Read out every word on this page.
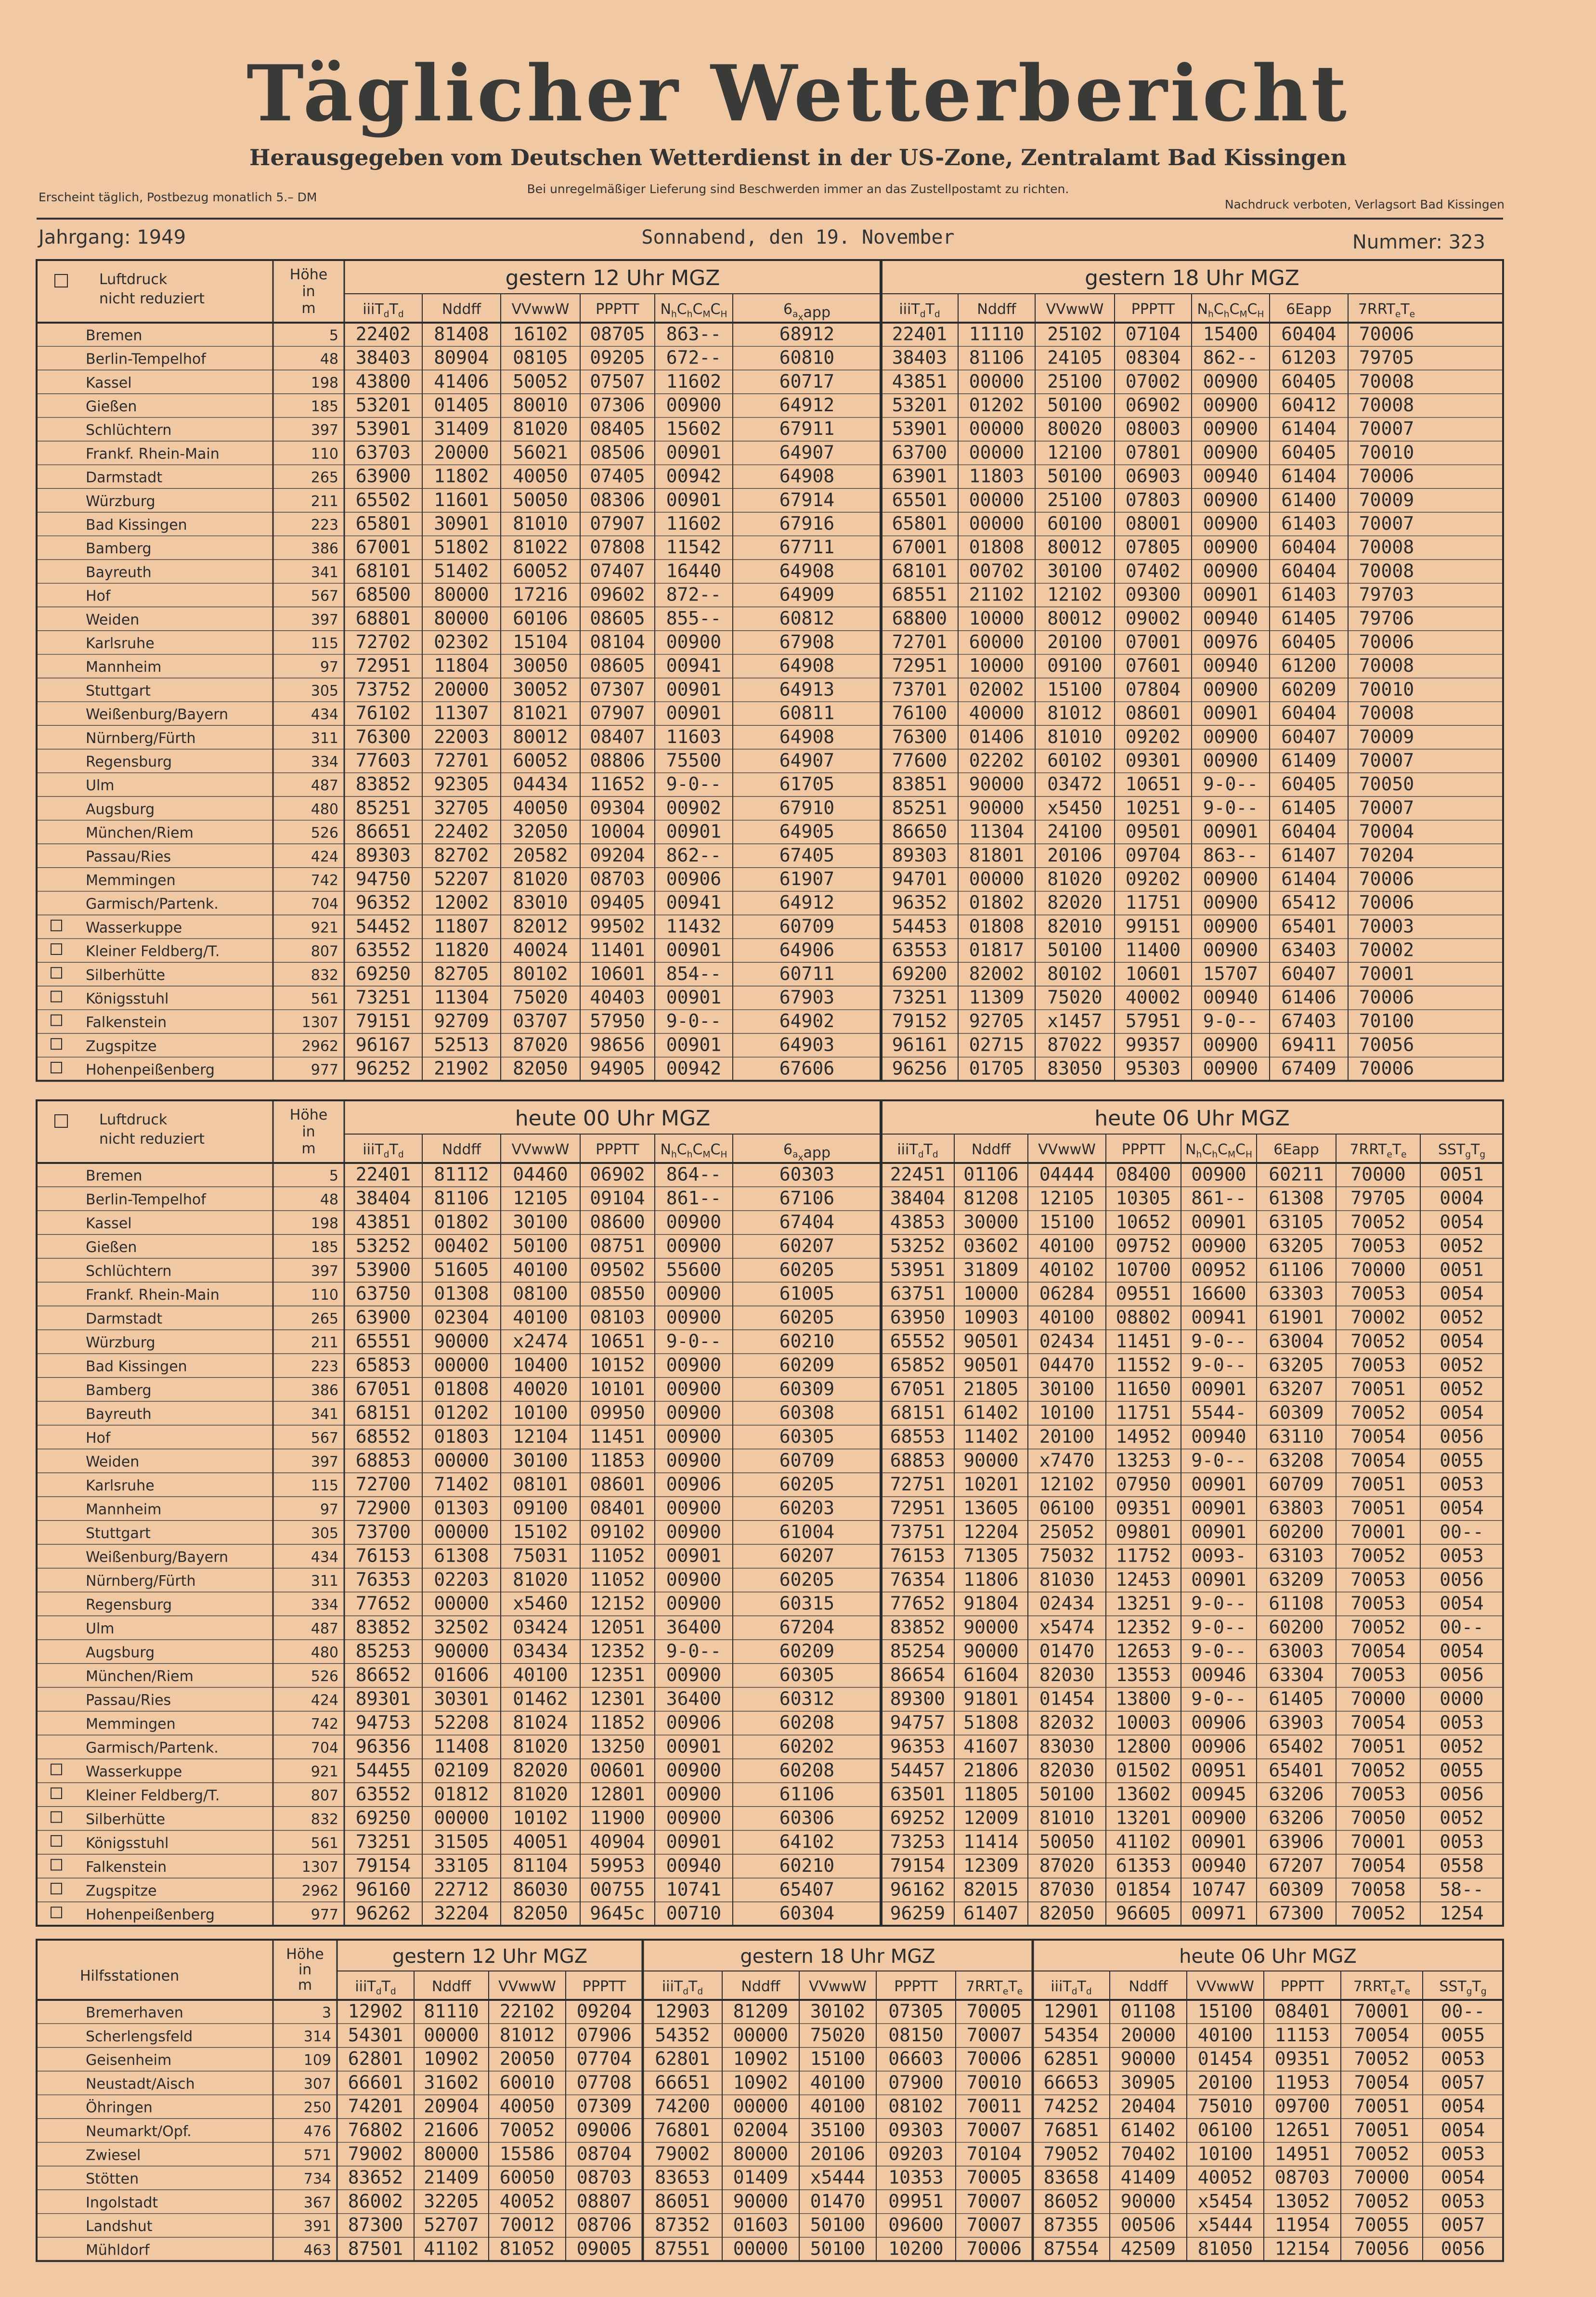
Täglicher Wetterbericht
Herausgegeben vom Deutschen Wetterdienst in der US-Zone, Zentralamt Bad Kissingen
Erscheint täglich, Postbezug monatlich 5.– DM
Bei unregelmäßiger Lieferung sind Beschwerden immer an das Zustellpostamt zu richten.
Nachdruck verboten, Verlagsort Bad Kissingen
Jahrgang: 1949	Sonnabend, den 19. November	Nummer: 323
Luftdruck
nicht reduziert
Höhe
in
m
gestern 12 Uhr MGZ	gestern 18 Uhr MGZ
$iiiT_dT_d$	Nddff VVwwW PPPTT $N_hC_hC_MC_H$	$6_{ax}app$	$iiiT_dT_d$	Nddff VVwwW PPPTT $N_hC_hC_MC_H$ 6Eapp $7RRT_eT_e$
Bremen	5 22402 81408 16102 08705 863--	68912	22401 11110 25102 07104 15400 60404 70006
Berlin-Tempelhof	48 38403 80904 08105 09205 672--	60810	38403 81106 24105 08304 862-- 61203 79705
Kassel	198 43800 41406 50052 07507 11602	60717	43851 00000 25100 07002 00900 60405 70008
Gießen	185 53201 01405 80010 07306 00900	64912	53201 01202 50100 06902 00900 60412 70008
Schlüchtern	397 53901 31409 81020 08405 15602	67911	53901 00000 80020 08003 00900 61404 70007
Frankf. Rhein-Main	110 63703 20000 56021 08506 00901	64907	63700 00000 12100 07801 00900 60405 70010
Darmstadt	265 63900 11802 40050 07405 00942	64908	63901 11803 50100 06903 00940 61404 70006
Würzburg	211 65502 11601 50050 08306 00901	67914	65501 00000 25100 07803 00900 61400 70009
Bad Kissingen	223 65801 30901 81010 07907 11602	67916	65801 00000 60100 08001 00900 61403 70007
Bamberg	386 67001 51802 81022 07808 11542	67711	67001 01808 80012 07805 00900 60404 70008
Bayreuth	341 68101 51402 60052 07407 16440	64908	68101 00702 30100 07402 00900 60404 70008
Hof	567 68500 80000 17216 09602 872--	64909	68551 21102 12102 09300 00901 61403 79703
Weiden	397 68801 80000 60106 08605 855--	60812	68800 10000 80012 09002 00940 61405 79706
Karlsruhe	115 72702 02302 15104 08104 00900	67908	72701 60000 20100 07001 00976 60405 70006
Mannheim	97 72951 11804 30050 08605 00941	64908	72951 10000 09100 07601 00940 61200 70008
Stuttgart	305 73752 20000 30052 07307 00901	64913	73701 02002 15100 07804 00900 60209 70010
Weißenburg/Bayern	434 76102 11307 81021 07907 00901	60811	76100 40000 81012 08601 00901 60404 70008
Nürnberg/Fürth	311 76300 22003 80012 08407 11603	64908	76300 01406 81010 09202 00900 60407 70009
Regensburg	334 77603 72701 60052 08806 75500	64907	77600 02202 60102 09301 00900 61409 70007
Ulm	487 83852 92305 04434 11652 9-0--	61705	83851 90000 03472 10651 9-0-- 60405 70050
Augsburg	480 85251 32705 40050 09304 00902	67910	85251 90000 x5450 10251 9-0-- 61405 70007
München/Riem	526 86651 22402 32050 10004 00901	64905	86650 11304 24100 09501 00901 60404 70004
Passau/Ries	424 89303 82702 20582 09204 862--	67405	89303 81801 20106 09704 863-- 61407 70204
Memmingen	742 94750 52207 81020 08703 00906	61907	94701 00000 81020 09202 00900 61404 70006
Garmisch/Partenk.	704 96352 12002 83010 09405 00941	64912	96352 01802 82020 11751 00900 65412 70006
Wasserkuppe	921 54452 11807 82012 99502 11432	60709	54453 01808 82010 99151 00900 65401 70003
Kleiner Feldberg/T.	807 63552 11820 40024 11401 00901	64906	63553 01817 50100 11400 00900 63403 70002
Silberhütte	832 69250 82705 80102 10601 854--	60711	69200 82002 80102 10601 15707 60407 70001
Königsstuhl	561 73251 11304 75020 40403 00901	67903	73251 11309 75020 40002 00940 61406 70006
Falkenstein	1307 79151 92709 03707 57950 9-0--	64902	79152 92705 x1457 57951 9-0-- 67403 70100
Zugspitze	2962 96167 52513 87020 98656 00901	64903	96161 02715 87022 99357 00900 69411 70056
Hohenpeißenberg	977 96252 21902 82050 94905 00942	67606	96256 01705 83050 95303 00900 67409 70006
Luftdruck
nicht reduziert
Höhe
in
m
heute 00 Uhr MGZ	heute 06 Uhr MGZ
$iiiT_dT_d$	Nddff VVwwW PPPTT $N_hC_hC_MC_H$	$6_{ax}app$	$iiiT_dT_d$ Nddff VVwwW PPPTT $N_hC_hC_MC_H$ 6Eapp $7RRT_eT_e$ $SST_gT_g$
Bremen	5 22401 81112 04460 06902 864--	60303	22451 01106 04444 08400 00900 60211 70000 0051
Berlin-Tempelhof	48 38404 81106 12105 09104 861--	67106	38404 81208 12105 10305 861-- 61308 79705 0004
Kassel	198 43851 01802 30100 08600 00900	67404	43853 30000 15100 10652 00901 63105 70052 0054
Gießen	185 53252 00402 50100 08751 00900	60207	53252 03602 40100 09752 00900 63205 70053 0052
Schlüchtern	397 53900 51605 40100 09502 55600	60205	53951 31809 40102 10700 00952 61106 70000 0051
Frankf. Rhein-Main	110 63750 01308 08100 08550 00900	61005	63751 10000 06284 09551 16600 63303 70053 0054
Darmstadt	265 63900 02304 40100 08103 00900	60205	63950 10903 40100 08802 00941 61901 70002 0052
Würzburg	211 65551 90000 x2474 10651 9-0--	60210	65552 90501 02434 11451 9-0-- 63004 70052 0054
Bad Kissingen	223 65853 00000 10400 10152 00900	60209	65852 90501 04470 11552 9-0-- 63205 70053 0052
Bamberg	386 67051 01808 40020 10101 00900	60309	67051 21805 30100 11650 00901 63207 70051 0052
Bayreuth	341 68151 01202 10100 09950 00900	60308	68151 61402 10100 11751 5544- 60309 70052 0054
Hof	567 68552 01803 12104 11451 00900	60305	68553 11402 20100 14952 00940 63110 70054 0056
Weiden	397 68853 00000 30100 11853 00900	60709	68853 90000 x7470 13253 9-0-- 63208 70054 0055
Karlsruhe	115 72700 71402 08101 08601 00906	60205	72751 10201 12102 07950 00901 60709 70051 0053
Mannheim	97 72900 01303 09100 08401 00900	60203	72951 13605 06100 09351 00901 63803 70051 0054
Stuttgart	305 73700 00000 15102 09102 00900	61004	73751 12204 25052 09801 00901 60200 70001 00--
Weißenburg/Bayern	434 76153 61308 75031 11052 00901	60207	76153 71305 75032 11752 0093- 63103 70052 0053
Nürnberg/Fürth	311 76353 02203 81020 11052 00900	60205	76354 11806 81030 12453 00901 63209 70053 0056
Regensburg	334 77652 00000 x5460 12152 00900	60315	77652 91804 02434 13251 9-0-- 61108 70053 0054
Ulm	487 83852 32502 03424 12051 36400	67204	83852 90000 x5474 12352 9-0-- 60200 70052 00--
Augsburg	480 85253 90000 03434 12352 9-0--	60209	85254 90000 01470 12653 9-0-- 63003 70054 0054
München/Riem	526 86652 01606 40100 12351 00900	60305	86654 61604 82030 13553 00946 63304 70053 0056
Passau/Ries	424 89301 30301 01462 12301 36400	60312	89300 91801 01454 13800 9-0-- 61405 70000 0000
Memmingen	742 94753 52208 81024 11852 00906	60208	94757 51808 82032 10003 00906 63903 70054 0053
Garmisch/Partenk.	704 96356 11408 81020 13250 00901	60202	96353 41607 83030 12800 00906 65402 70051 0052
Wasserkuppe	921 54455 02109 82020 00601 00900	60208	54457 21806 82030 01502 00951 65401 70052 0055
Kleiner Feldberg/T.	807 63552 01812 81020 12801 00900	61106	63501 11805 50100 13602 00945 63206 70053 0056
Silberhütte	832 69250 00000 10102 11900 00900	60306	69252 12009 81010 13201 00900 63206 70050 0052
Königsstuhl	561 73251 31505 40051 40904 00901	64102	73253 11414 50050 41102 00901 63906 70001 0053
Falkenstein	1307 79154 33105 81104 59953 00940	60210	79154 12309 87020 61353 00940 67207 70054 0558
Zugspitze	2962 96160 22712 86030 00755 10741	65407	96162 82015 87030 01854 10747 60309 70058 58--
Hohenpeißenberg	977 96262 32204 82050 9645c 00710	60304	96259 61407 82050 96605 00971 67300 70052 1254
Hilfsstationen
Höhe
in
m
gestern 12 Uhr MGZ	gestern 18 Uhr MGZ	heute 06 Uhr MGZ
$iiiT_dT_d$ Nddff VVwwW PPPTT $iiiT_dT_d$	Nddff VVwwW PPPTT $7RRT_eT_e$ $iiiT_dT_d$	Nddff VVwwW PPPTT $7RRT_eT_e$ $SST_gT_g$
Bremerhaven	3 12902 81110 22102 09204 12903 81209 30102 07305 70005 12901 01108 15100 08401 70001 00--
Scherlengsfeld	314 54301 00000 81012 07906 54352 00000 75020 08150 70007 54354 20000 40100 11153 70054 0055
Geisenheim	109 62801 10902 20050 07704 62801 10902 15100 06603 70006 62851 90000 01454 09351 70052 0053
Neustadt/Aisch	307 66601 31602 60010 07708 66651 10902 40100 07900 70010 66653 30905 20100 11953 70054 0057
Öhringen	250 74201 20904 40050 07309 74200 00000 40100 08102 70011 74252 20404 75010 09700 70051 0054
Neumarkt/Opf.	476 76802 21606 70052 09006 76801 02004 35100 09303 70007 76851 61402 06100 12651 70051 0054
Zwiesel	571 79002 80000 15586 08704 79002 80000 20106 09203 70104 79052 70402 10100 14951 70052 0053
Stötten	734 83652 21409 60050 08703 83653 01409 x5444 10353 70005 83658 41409 40052 08703 70000 0054
Ingolstadt	367 86002 32205 40052 08807 86051 90000 01470 09951 70007 86052 90000 x5454 13052 70052 0053
Landshut	391 87300 52707 70012 08706 87352 01603 50100 09600 70007 87355 00506 x5444 11954 70055 0057
Mühldorf	463 87501 41102 81052 09005 87551 00000 50100 10200 70006 87554 42509 81050 12154 70056 0056
